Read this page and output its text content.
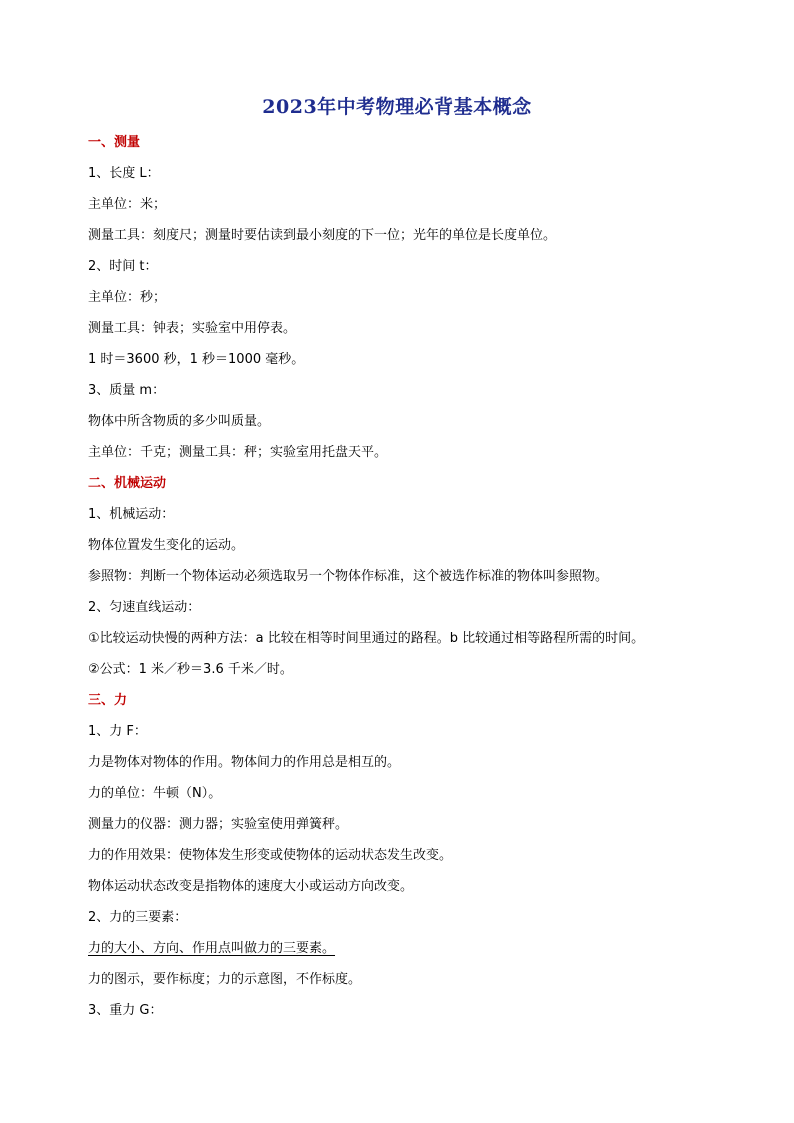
2023年中考物理必背基本概念
一、测量
1、长度 L：
主单位：米；
测量工具：刻度尺；测量时要估读到最小刻度的下一位；光年的单位是长度单位。
2、时间 t：
主单位：秒；
测量工具：钟表；实验室中用停表。
1 时＝3600 秒，1 秒＝1000 毫秒。
3、质量 m：
物体中所含物质的多少叫质量。
主单位：千克；测量工具：秤；实验室用托盘天平。
二、机械运动
1、机械运动：
物体位置发生变化的运动。
参照物：判断一个物体运动必须选取另一个物体作标准，这个被选作标准的物体叫参照物。
2、匀速直线运动：
①比较运动快慢的两种方法：a 比较在相等时间里通过的路程。b 比较通过相等路程所需的时间。
②公式：1 米／秒＝3.6 千米／时。
三、力
1、力 F：
力是物体对物体的作用。物体间力的作用总是相互的。
力的单位：牛顿（N）。
测量力的仪器：测力器；实验室使用弹簧秤。
力的作用效果：使物体发生形变或使物体的运动状态发生改变。
物体运动状态改变是指物体的速度大小或运动方向改变。
2、力的三要素：
力的大小、方向、作用点叫做力的三要素。
力的图示，要作标度；力的示意图，不作标度。
3、重力 G：
